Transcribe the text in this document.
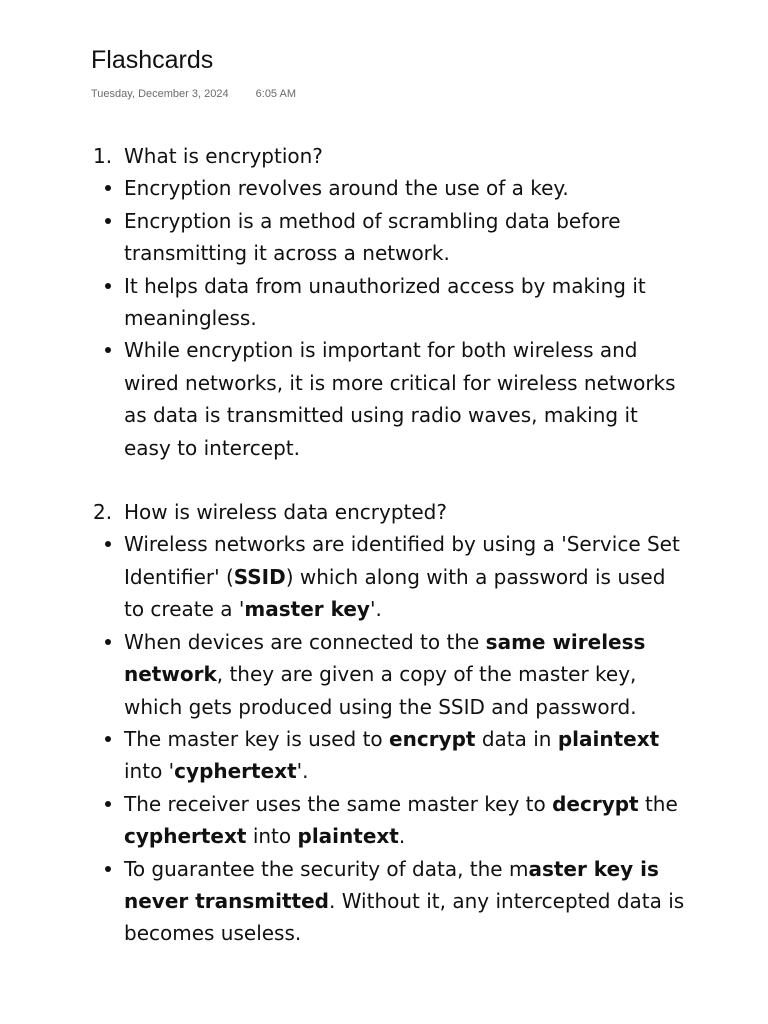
Flashcards
Tuesday, December 3, 2024 6:05 AM
1. What is encryption?
Encryption revolves around the use of a key.
Encryption is a method of scrambling data before transmitting it across a network.
It helps data from unauthorized access by making it meaningless.
While encryption is important for both wireless and wired networks, it is more critical for wireless networks as data is transmitted using radio waves, making it easy to intercept.
2. How is wireless data encrypted?
Wireless networks are identified by using a 'Service Set Identifier' (SSID) which along with a password is used to create a 'master key'.
When devices are connected to the same wireless network, they are given a copy of the master key, which gets produced using the SSID and password.
The master key is used to encrypt data in plaintext into 'cyphertext'.
The receiver uses the same master key to decrypt the cyphertext into plaintext.
To guarantee the security of data, the master key is never transmitted. Without it, any intercepted data is becomes useless.
